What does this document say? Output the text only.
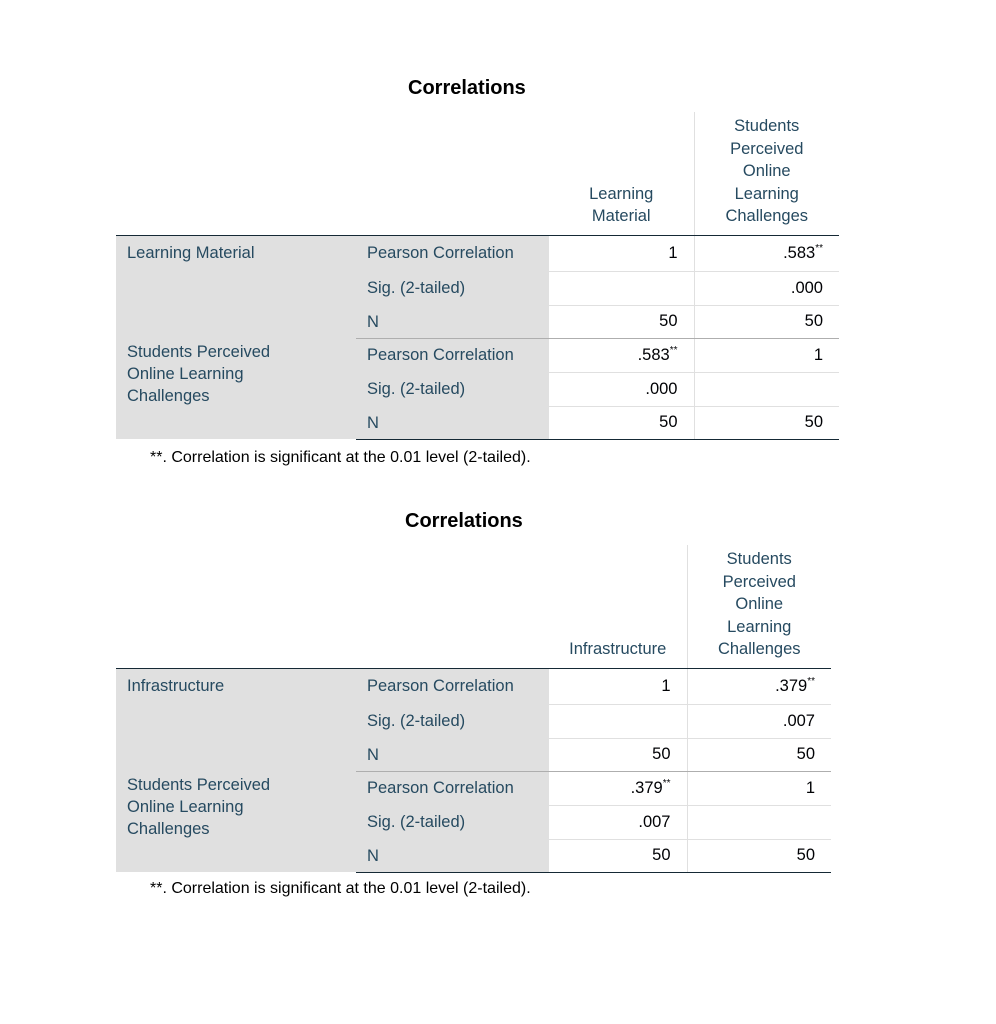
Correlations
		Learning Material	Students Perceived Online Learning Challenges
Learning Material	Pearson Correlation	1	.583**
	Sig. (2-tailed)		.000
	N	50	50
Students Perceived Online Learning Challenges	Pearson Correlation	.583**	1
	Sig. (2-tailed)	.000	
	N	50	50
**. Correlation is significant at the 0.01 level (2-tailed).
Correlations
		Infrastructure	Students Perceived Online Learning Challenges
Infrastructure	Pearson Correlation	1	.379**
	Sig. (2-tailed)		.007
	N	50	50
Students Perceived Online Learning Challenges	Pearson Correlation	.379**	1
	Sig. (2-tailed)	.007	
	N	50	50
**. Correlation is significant at the 0.01 level (2-tailed).
